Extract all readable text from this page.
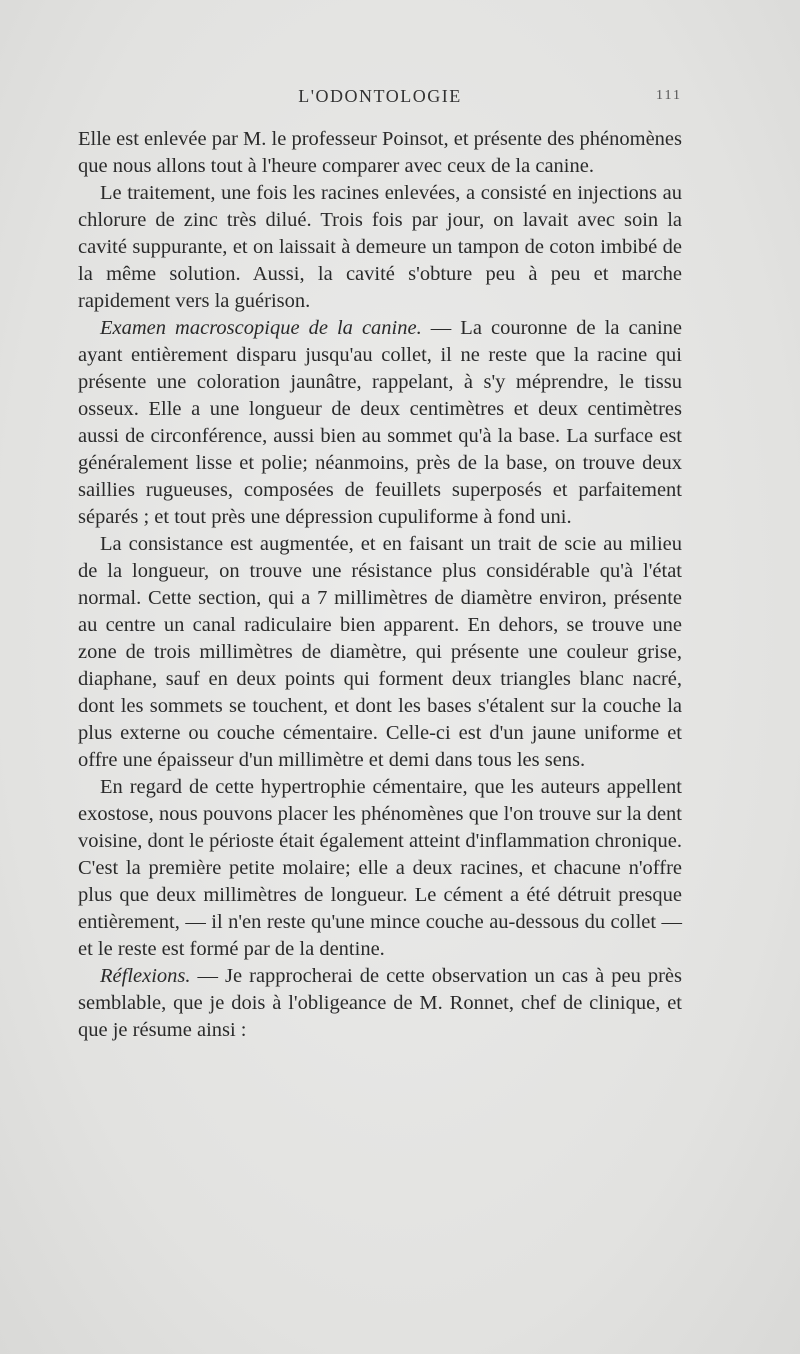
L'ODONTOLOGIE	111

Elle est enlevée par M. le professeur Poinsot, et présente des phénomènes que nous allons tout à l'heure comparer avec ceux de la canine.

Le traitement, une fois les racines enlevées, a consisté en injections au chlorure de zinc très dilué. Trois fois par jour, on lavait avec soin la cavité suppurante, et on laissait à demeure un tampon de coton imbibé de la même solution. Aussi, la cavité s'obture peu à peu et marche rapidement vers la guérison.

Examen macroscopique de la canine. — La couronne de la canine ayant entièrement disparu jusqu'au collet, il ne reste que la racine qui présente une coloration jaunâtre, rappelant, à s'y méprendre, le tissu osseux. Elle a une longueur de deux centimètres et deux centimètres aussi de circonférence, aussi bien au sommet qu'à la base. La surface est généralement lisse et polie; néanmoins, près de la base, on trouve deux saillies rugueuses, composées de feuillets superposés et parfaitement séparés ; et tout près une dépression cupuliforme à fond uni.

La consistance est augmentée, et en faisant un trait de scie au milieu de la longueur, on trouve une résistance plus considérable qu'à l'état normal. Cette section, qui a 7 millimètres de diamètre environ, présente au centre un canal radiculaire bien apparent. En dehors, se trouve une zone de trois millimètres de diamètre, qui présente une couleur grise, diaphane, sauf en deux points qui forment deux triangles blanc nacré, dont les sommets se touchent, et dont les bases s'étalent sur la couche la plus externe ou couche cémentaire. Celle-ci est d'un jaune uniforme et offre une épaisseur d'un millimètre et demi dans tous les sens.

En regard de cette hypertrophie cémentaire, que les auteurs appellent exostose, nous pouvons placer les phénomènes que l'on trouve sur la dent voisine, dont le périoste était également atteint d'inflammation chronique. C'est la première petite molaire; elle a deux racines, et chacune n'offre plus que deux millimètres de longueur. Le cément a été détruit presque entièrement, — il n'en reste qu'une mince couche au-dessous du collet — et le reste est formé par de la dentine.

Réflexions. — Je rapprocherai de cette observation un cas à peu près semblable, que je dois à l'obligeance de M. Ronnet, chef de clinique, et que je résume ainsi :
